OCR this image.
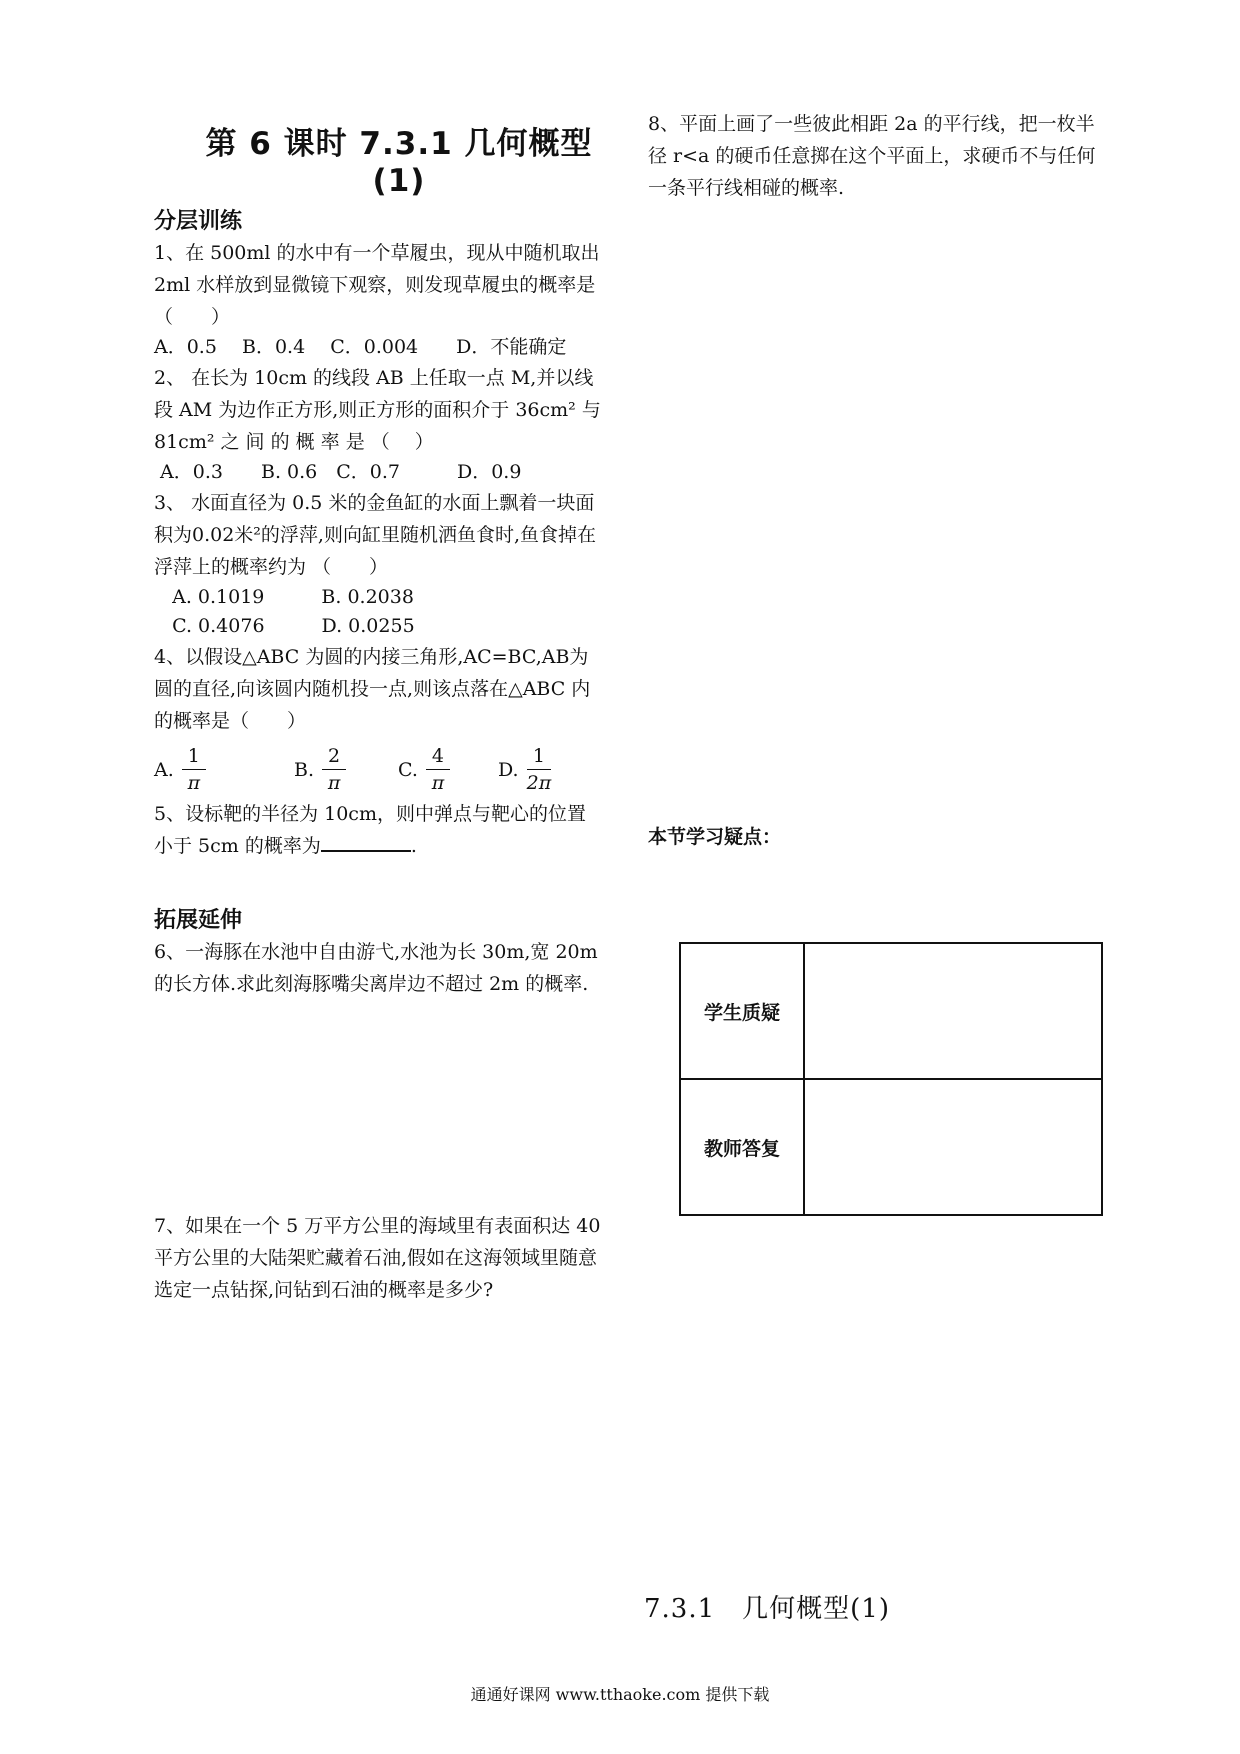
第 6 课时 7.3.1 几何概型(1)
分层训练

1、在 500ml 的水中有一个草履虫，现从中随机取出 2ml 水样放到显微镜下观察，则发现草履虫的概率是（　　）

A．0.5　 B．0.4　 C．0.004　　D．不能确定

2、 在长为 10cm 的线段 AB 上任取一点 M,并以线段 AM 为边作正方形,则正方形的面积介于 36cm² 与 81cm² 之 间 的 概 率 是 （　 ）

A．0.3　　B. 0.6　C．0.7　　　D．0.9

3、 水面直径为 0.5 米的金鱼缸的水面上飘着一块面积为0.02米²的浮萍,则向缸里随机洒鱼食时,鱼食掉在浮萍上的概率约为 （　　）

A. 0.1019　　　B. 0.2038

C. 0.4076　　　D. 0.0255

4、以假设△ABC 为圆的内接三角形,AC=BC,AB为圆的直径,向该圆内随机投一点,则该点落在△ABC 内的概率是（　　）

A. $\frac{1}{\pi}$	B. $\frac{2}{\pi}$	C. $\frac{4}{\pi}$	D. $\frac{1}{2\pi}$

5、设标靶的半径为 10cm，则中弹点与靶心的位置小于 5cm 的概率为	.

拓展延伸

6、一海豚在水池中自由游弋,水池为长 30m,宽 20m 的长方体.求此刻海豚嘴尖离岸边不超过 2m 的概率.

7、如果在一个 5 万平方公里的海域里有表面积达 40 平方公里的大陆架贮藏着石油,假如在这海领域里随意选定一点钻探,问钻到石油的概率是多少?

8、平面上画了一些彼此相距 2a 的平行线，把一枚半径 r<a 的硬币任意掷在这个平面上，求硬币不与任何一条平行线相碰的概率.

本节学习疑点：
学生质疑	
教师答复	
7.3.1　几何概型(1)
通通好课网 www.tthaoke.com 提供下载
